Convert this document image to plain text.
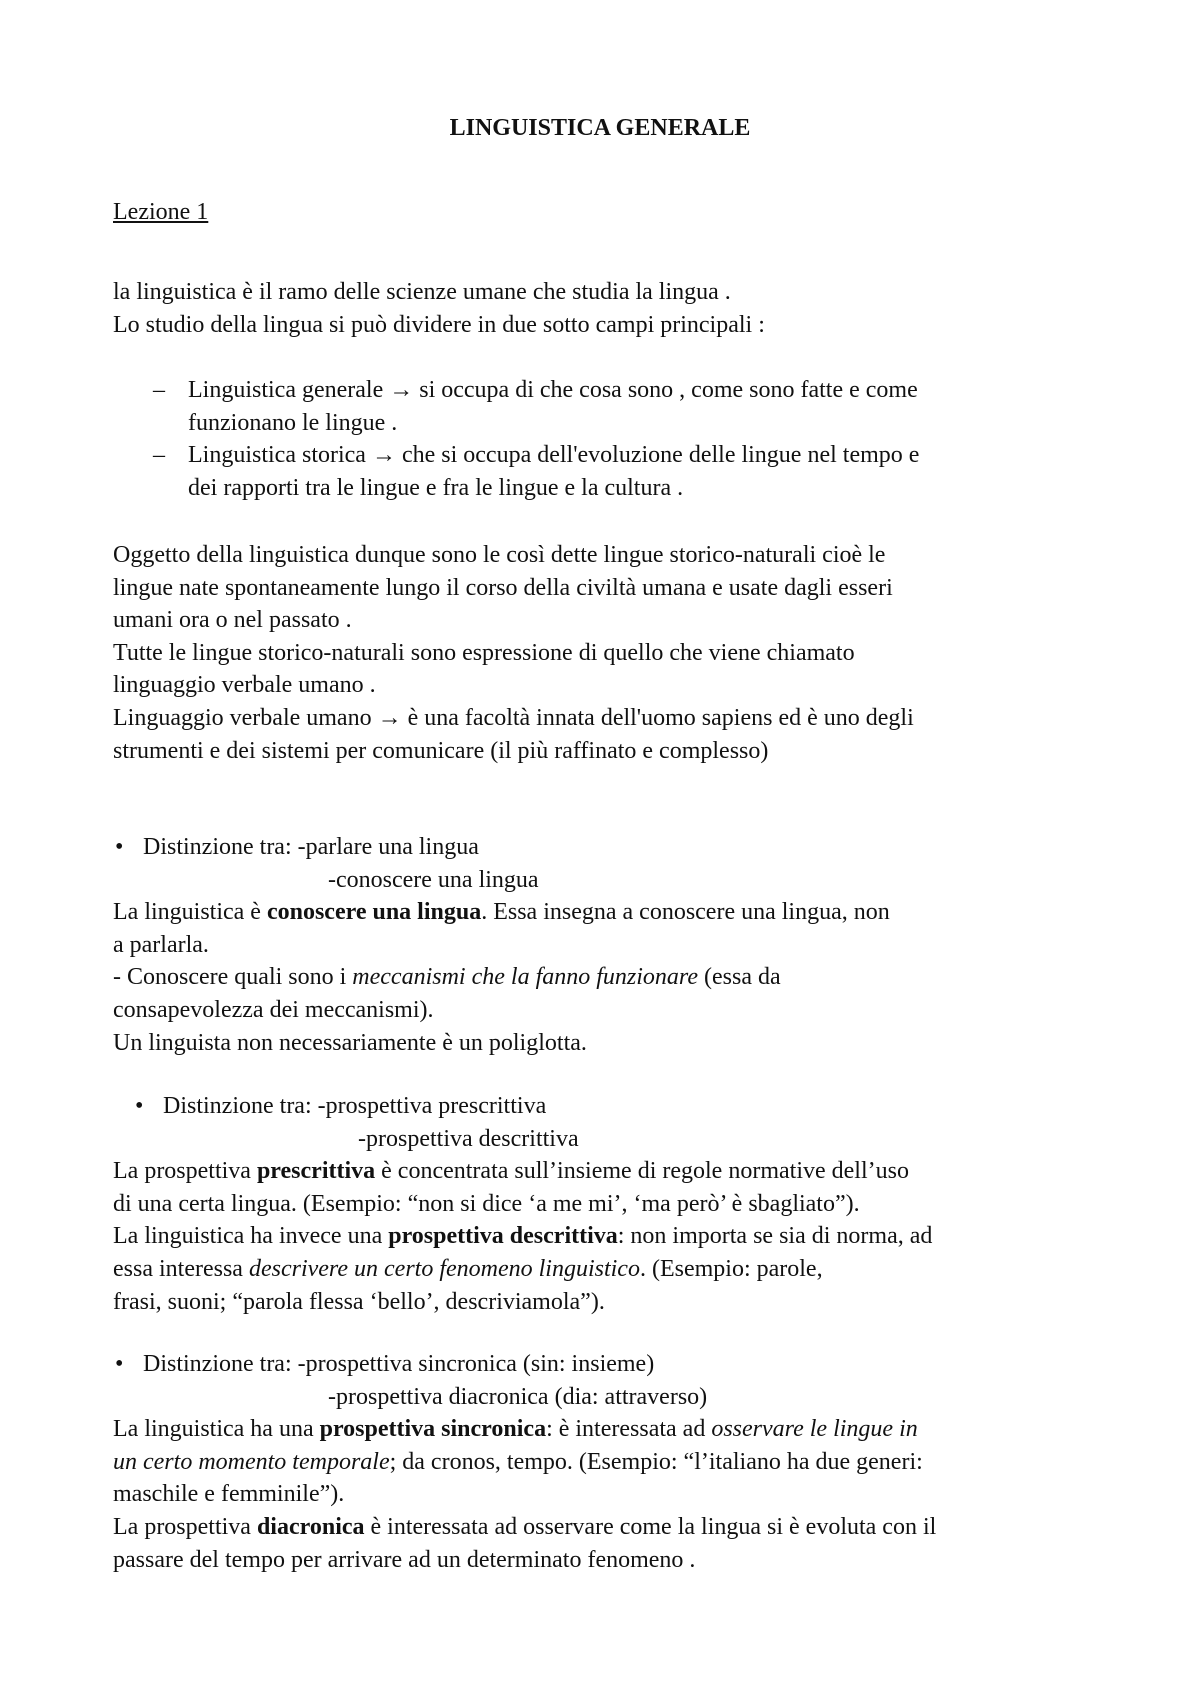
LINGUISTICA GENERALE
Lezione 1
la linguistica è il ramo delle scienze umane che studia la lingua .
Lo studio della lingua si può dividere in due sotto campi principali :
– Linguistica generale → si occupa di che cosa sono , come sono fatte e come
funzionano le lingue .
– Linguistica storica → che si occupa dell'evoluzione delle lingue nel tempo e
dei rapporti tra le lingue e fra le lingue e la cultura .
Oggetto della linguistica dunque sono le così dette lingue storico-naturali cioè le
lingue nate spontaneamente lungo il corso della civiltà umana e usate dagli esseri
umani ora o nel passato .
Tutte le lingue storico-naturali sono espressione di quello che viene chiamato
linguaggio verbale umano .
Linguaggio verbale umano → è una facoltà innata dell'uomo sapiens ed è uno degli
strumenti e dei sistemi per comunicare (il più raffinato e complesso)
• Distinzione tra: -parlare una lingua
-conoscere una lingua
La linguistica è conoscere una lingua. Essa insegna a conoscere una lingua, non
a parlarla.
- Conoscere quali sono i meccanismi che la fanno funzionare (essa da
consapevolezza dei meccanismi).
Un linguista non necessariamente è un poliglotta.
• Distinzione tra: -prospettiva prescrittiva
-prospettiva descrittiva
La prospettiva prescrittiva è concentrata sull’insieme di regole normative dell’uso
di una certa lingua. (Esempio: “non si dice ‘a me mi’, ‘ma però’ è sbagliato”).
La linguistica ha invece una prospettiva descrittiva: non importa se sia di norma, ad
essa interessa descrivere un certo fenomeno linguistico. (Esempio: parole,
frasi, suoni; “parola flessa ‘bello’, descriviamola”).
• Distinzione tra: -prospettiva sincronica (sin: insieme)
-prospettiva diacronica (dia: attraverso)
La linguistica ha una prospettiva sincronica: è interessata ad osservare le lingue in
un certo momento temporale; da cronos, tempo. (Esempio: “l’italiano ha due generi:
maschile e femminile”).
La prospettiva diacronica è interessata ad osservare come la lingua si è evoluta con il
passare del tempo per arrivare ad un determinato fenomeno .
